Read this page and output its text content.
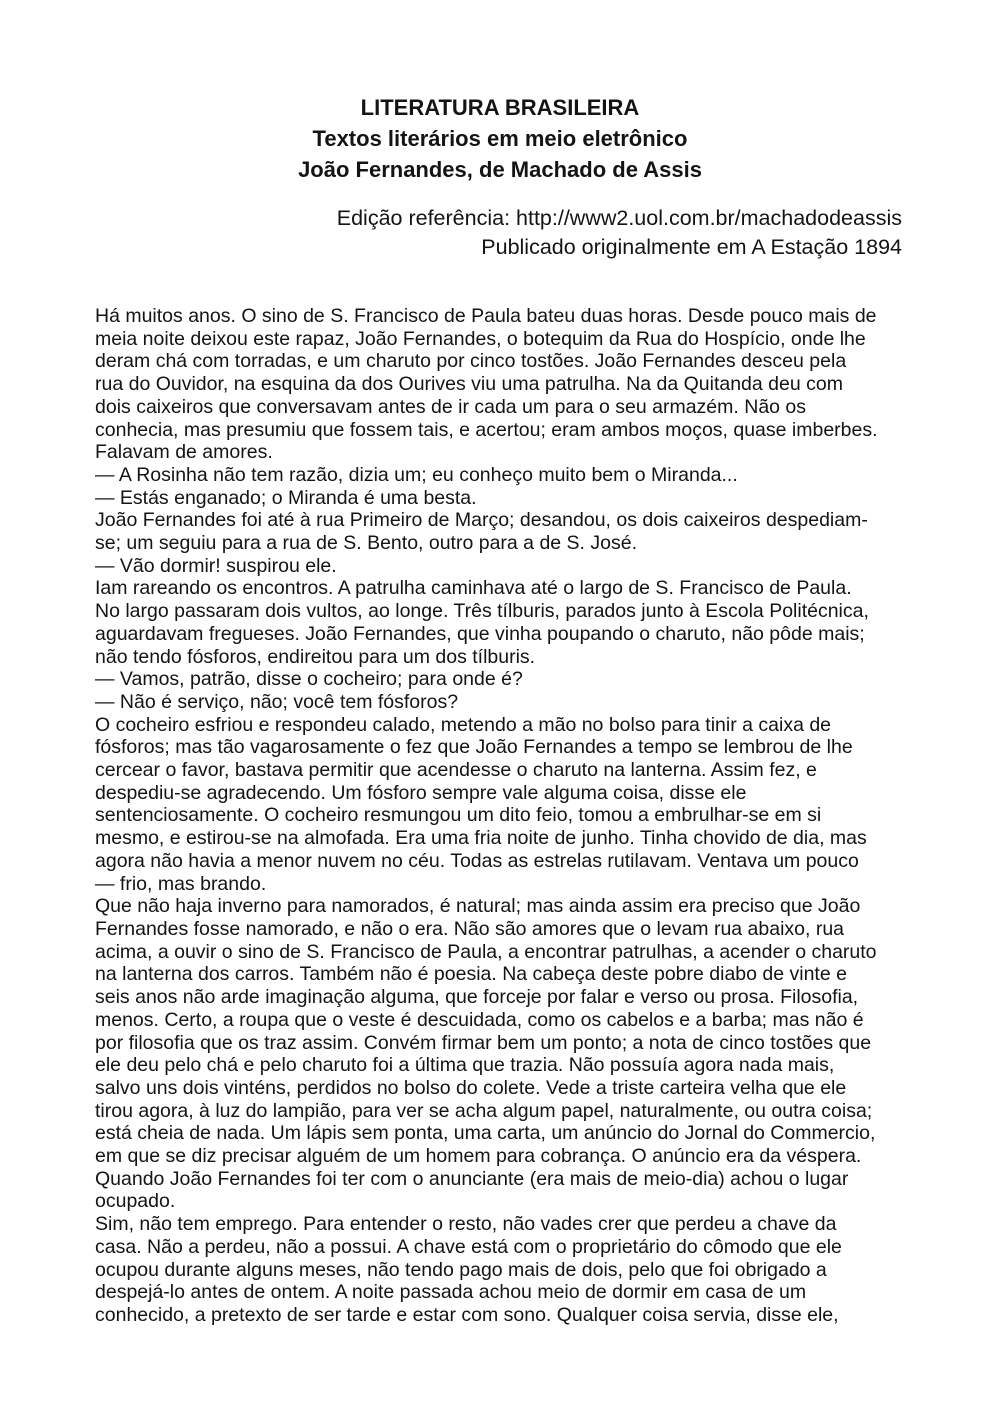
LITERATURA BRASILEIRA
Textos literários em meio eletrônico
João Fernandes, de Machado de Assis
Edição referência: http://www2.uol.com.br/machadodeassis
Publicado originalmente em A Estação 1894
Há muitos anos. O sino de S. Francisco de Paula bateu duas horas. Desde pouco mais de
meia noite deixou este rapaz, João Fernandes, o botequim da Rua do Hospício, onde lhe
deram chá com torradas, e um charuto por cinco tostões. João Fernandes desceu pela
rua do Ouvidor, na esquina da dos Ourives viu uma patrulha. Na da Quitanda deu com
dois caixeiros que conversavam antes de ir cada um para o seu armazém. Não os
conhecia, mas presumiu que fossem tais, e acertou; eram ambos moços, quase imberbes.
Falavam de amores.
— A Rosinha não tem razão, dizia um; eu conheço muito bem o Miranda...
— Estás enganado; o Miranda é uma besta.
João Fernandes foi até à rua Primeiro de Março; desandou, os dois caixeiros despediam-
se; um seguiu para a rua de S. Bento, outro para a de S. José.
— Vão dormir! suspirou ele.
Iam rareando os encontros. A patrulha caminhava até o largo de S. Francisco de Paula.
No largo passaram dois vultos, ao longe. Três tílburis, parados junto à Escola Politécnica,
aguardavam fregueses. João Fernandes, que vinha poupando o charuto, não pôde mais;
não tendo fósforos, endireitou para um dos tílburis.
— Vamos, patrão, disse o cocheiro; para onde é?
— Não é serviço, não; você tem fósforos?
O cocheiro esfriou e respondeu calado, metendo a mão no bolso para tinir a caixa de
fósforos; mas tão vagarosamente o fez que João Fernandes a tempo se lembrou de lhe
cercear o favor, bastava permitir que acendesse o charuto na lanterna. Assim fez, e
despediu-se agradecendo. Um fósforo sempre vale alguma coisa, disse ele
sentenciosamente. O cocheiro resmungou um dito feio, tomou a embrulhar-se em si
mesmo, e estirou-se na almofada. Era uma fria noite de junho. Tinha chovido de dia, mas
agora não havia a menor nuvem no céu. Todas as estrelas rutilavam. Ventava um pouco
— frio, mas brando.
Que não haja inverno para namorados, é natural; mas ainda assim era preciso que João
Fernandes fosse namorado, e não o era. Não são amores que o levam rua abaixo, rua
acima, a ouvir o sino de S. Francisco de Paula, a encontrar patrulhas, a acender o charuto
na lanterna dos carros. Também não é poesia. Na cabeça deste pobre diabo de vinte e
seis anos não arde imaginação alguma, que forceje por falar e verso ou prosa. Filosofia,
menos. Certo, a roupa que o veste é descuidada, como os cabelos e a barba; mas não é
por filosofia que os traz assim. Convém firmar bem um ponto; a nota de cinco tostões que
ele deu pelo chá e pelo charuto foi a última que trazia. Não possuía agora nada mais,
salvo uns dois vinténs, perdidos no bolso do colete. Vede a triste carteira velha que ele
tirou agora, à luz do lampião, para ver se acha algum papel, naturalmente, ou outra coisa;
está cheia de nada. Um lápis sem ponta, uma carta, um anúncio do Jornal do Commercio,
em que se diz precisar alguém de um homem para cobrança. O anúncio era da véspera.
Quando João Fernandes foi ter com o anunciante (era mais de meio-dia) achou o lugar
ocupado.
Sim, não tem emprego. Para entender o resto, não vades crer que perdeu a chave da
casa. Não a perdeu, não a possui. A chave está com o proprietário do cômodo que ele
ocupou durante alguns meses, não tendo pago mais de dois, pelo que foi obrigado a
despejá-lo antes de ontem. A noite passada achou meio de dormir em casa de um
conhecido, a pretexto de ser tarde e estar com sono. Qualquer coisa servia, disse ele,
